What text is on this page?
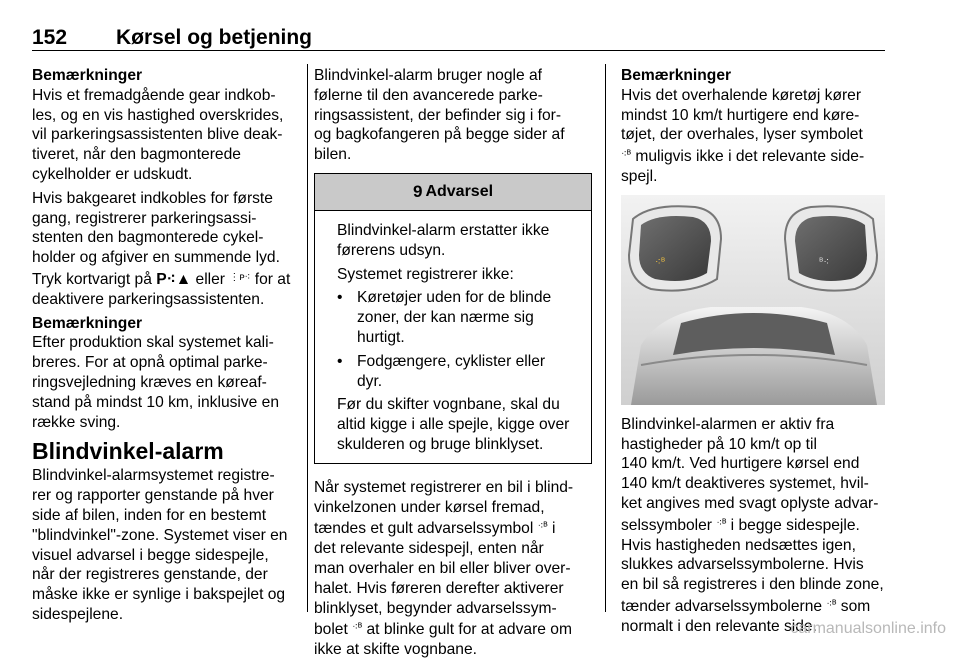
152 Kørsel og betjening
Bemærkninger
Hvis et fremadgående gear indkob-
les, og en vis hastighed overskrides,
vil parkeringsassistenten blive deak-
tiveret, når den bagmonterede
cykelholder er udskudt.
Hvis bakgearet indkobles for første
gang, registrerer parkeringsassi-
stenten den bagmonterede cykel-
holder og afgiver en summende lyd.
Tryk kortvarigt på P⁖▲ eller $^{⋮ᴘ⁖}$ for at
deaktivere parkeringsassistenten.
Bemærkninger
Efter produktion skal systemet kali-
breres. For at opnå optimal parke-
ringsvejledning kræves en køreaf-
stand på mindst 10 km, inklusive en
række sving.
Blindvinkel-alarm
Blindvinkel-alarmsystemet registre-
rer og rapporter genstande på hver
side af bilen, inden for en bestemt
"blindvinkel"-zone. Systemet viser en
visuel advarsel i begge sidespejle,
når der registreres genstande, der
måske ikke er synlige i bakspejlet og
sidespejlene.
Blindvinkel-alarm bruger nogle af
følerne til den avancerede parke-
ringsassistent, der befinder sig i for-
og bagkofangeren på begge sider af
bilen.
9 Advarsel
Blindvinkel-alarm erstatter ikke
førerens udsyn.
Systemet registrerer ikke:
• Køretøjer uden for de blinde
zoner, der kan nærme sig
hurtigt.
• Fodgængere, cyklister eller
dyr.
Før du skifter vognbane, skal du
altid kigge i alle spejle, kigge over
skulderen og bruge blinklyset.
Når systemet registrerer en bil i blind-
vinkelzonen under kørsel fremad,
tændes et gult advarselssymbol $^{⁖ᴮ}$ i
det relevante sidespejl, enten når
man overhaler en bil eller bliver over-
halet. Hvis føreren derefter aktiverer
blinklyset, begynder advarselssym-
bolet $^{⁖ᴮ}$ at blinke gult for at advare om
ikke at skifte vognbane.
Bemærkninger
Hvis det overhalende køretøj kører
mindst 10 km/t hurtigere end køre-
tøjet, der overhales, lyser symbolet
$^{⁖ᴮ}$ muligvis ikke i det relevante side-
spejl.
⁖ᴮ	ᴮ⁖
Blindvinkel-alarmen er aktiv fra
hastigheder på 10 km/t op til
140 km/t. Ved hurtigere kørsel end
140 km/t deaktiveres systemet, hvil-
ket angives med svagt oplyste advar-
selssymboler $^{⁖ᴮ}$ i begge sidespejle.
Hvis hastigheden nedsættes igen,
slukkes advarselssymbolerne. Hvis
en bil så registreres i den blinde zone,
tænder advarselssymbolerne $^{⁖ᴮ}$ som
normalt i den relevante side.
carmanualsonline.info
